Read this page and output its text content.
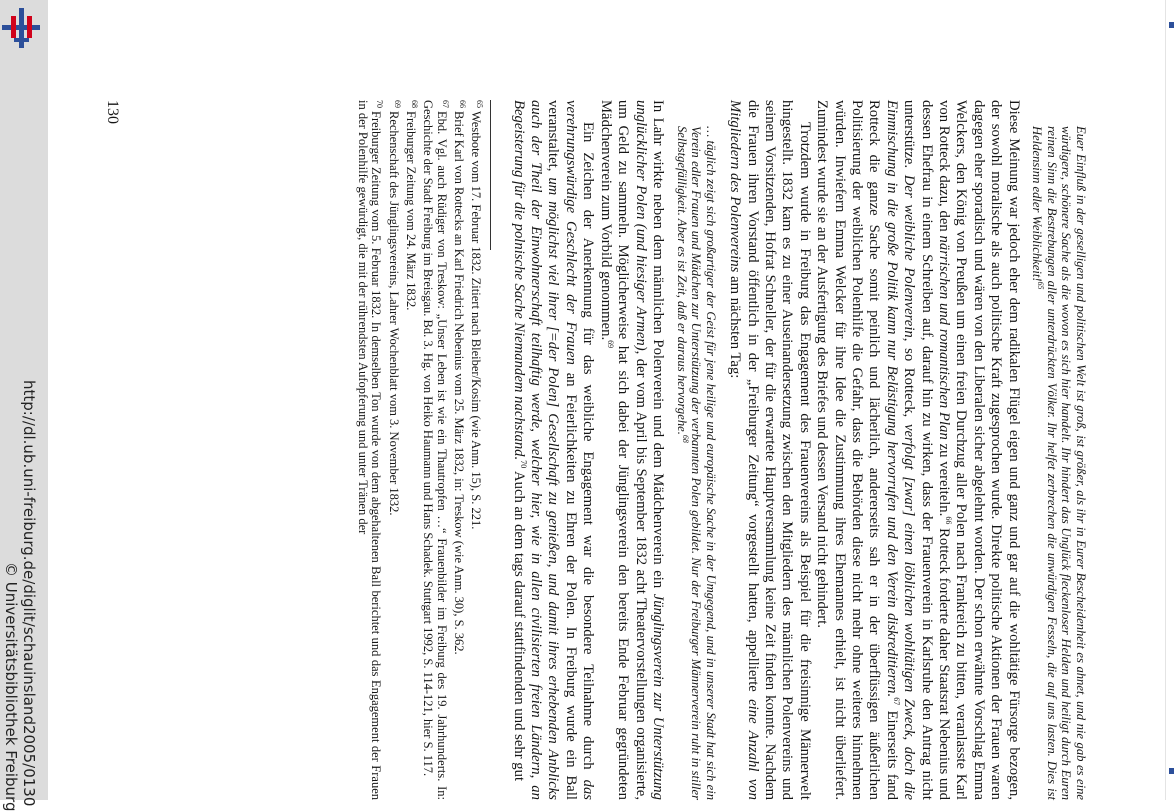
http://dl.ub.uni-freiburg.de/diglit/schauinsland2005/0130
© Universitätsbibliothek Freiburg	Euer Einfluß in der geselligen und politischen Welt ist groß, ist größer, als ihr in Eurer Bescheidenheit es ahnet, und nie gab es eine würdigere, schönere Sache als die wovon es sich hier handelt. Ihr hindert das Unglück fleckenloser Helden und heiligt durch Euren reinen Sinn die Bestrebungen aller unterdrückten Völker. Ihr helfet zerbrechen die unwürdigen Fesseln, die auf uns lasten. Dies ist Heldensinn edler Weiblichkeit!$^{65}$

Diese Meinung war jedoch eher dem radikalen Flügel eigen und ganz und gar auf die wohltätige Fürsorge bezogen, der sowohl moralische als auch politische Kraft zugesprochen wurde. Direkte politische Aktionen der Frauen waren dagegen eher sporadisch und wären von den Liberalen sicher abgelehnt worden. Der schon erwähnte Vorschlag Emma Welckers, den König von Preußen um einen freien Durchzug aller Polen nach Frankreich zu bitten, veranlasste Karl von Rotteck dazu, den närrischen und romantischen Plan zu vereiteln.$^{66}$ Rotteck forderte daher Staatsrat Nebenius und dessen Ehefrau in einem Schreiben auf, darauf hin zu wirken, dass der Frauenverein in Karlsruhe den Antrag nicht unterstütze. Der weibliche Polenverein, so Rotteck, verfolgt [zwar] einen löblichen wohltätigen Zweck, doch die Einmischung in die große Politik kann nur Belästigung hervorrufen und den Verein diskreditieren.$^{67}$ Einerseits fand Rotteck die ganze Sache somit peinlich und lächerlich, andererseits sah er in der überflüssigen äußerlichen Politisierung der weiblichen Polenhilfe die Gefahr, dass die Behörden diese nicht mehr ohne weiteres hinnehmen würden. Inwiefern Emma Welcker für ihre Idee die Zustimmung ihres Ehemannes erhielt, ist nicht überliefert. Zumindest wurde sie an der Ausfertigung des Briefes und dessen Versand nicht gehindert.

Trotzdem wurde in Freiburg das Engagement des Frauenvereins als Beispiel für die freisinnige Männerwelt hingestellt. 1832 kam es zu einer Auseinandersetzung zwischen den Mitgliedern des männlichen Polenvereins und seinem Vorsitzenden, Hofrat Schneller, der für die erwartete Hauptversammlung keine Zeit finden konnte. Nachdem die Frauen ihren Vorstand öffentlich in der „Freiburger Zeitung“ vorgestellt hatten, appellierte eine Anzahl von Mitgliedern des Polenvereins am nächsten Tag:

… täglich zeigt sich großartiger der Geist für jene heilige und europäische Sache in der Umgegend, und in unserer Stadt hat sich ein Verein edler Frauen und Mädchen zur Unterstützung der verbannten Polen gebildet. Nur der Freiburger Männerverein ruht in stiller Selbstgefälligkeit. Aber es ist Zeit, daß er daraus hervorgehe.$^{68}$

In Lahr wirkte neben dem männlichen Polenverein und dem Mädchenverein ein Jünglingsverein zur Unterstützung unglücklicher Polen (und hiesiger Armen), der vom April bis September 1832 acht Theatervorstellungen organisierte, um Geld zu sammeln. Möglicherweise hat sich dabei der Jünglingsverein den bereits Ende Februar gegründeten Mädchenverein zum Vorbild genommen.$^{69}$

Ein Zeichen der Anerkennung für das weibliche Engagement war die besondere Teilnahme durch das verehrungswürdige Geschlecht der Frauen an Feierlichkeiten zu Ehren der Polen. In Freiburg wurde ein Ball veranstaltet, um möglichst viel ihrer [=der Polen] Gesellschaft zu genießen, und damit ihres erhebenden Anblicks auch der Theil der Einwohnerschaft teilhaftig werde, welcher hier, wie in allen civilisierten freien Ländern, an Begeisterung für die polnische Sache Niemandem nachstand.$^{70}$ Auch an dem tags darauf stattfindenden und sehr gut

$^{65}$Westbote vom 17. Februar 1832. Zitiert nach Bleiber/Kosim (wie Anm. 15), S. 221.

$^{66}$Brief Karl von Rottecks an Karl Friedrich Nebenius vom 25. März 1832, in: Treskow (wie Anm. 30), S. 362.

$^{67}$Ebd. Vgl. auch Rüdiger von Treskow: „Unser Leben ist wie ein Thautropfen …“ Frauenbilder im Freiburg des 19. Jahrhunderts. In: Geschichte der Stadt Freiburg im Breisgau. Bd. 3. Hg. von Heiko Haumann und Hans Schadek. Stuttgart 1992, S. 114-121, hier S. 117.

$^{68}$Freiburger Zeitung vom 24. März 1832.

$^{69}$Rechenschaft des Jünglingsvereins, Lahrer Wochenblatt vom 3. November 1832.

$^{70}$Freiburger Zeitung vom 5. Februar 1832. In demselben Ton wurde von dem abgehaltenen Ball berichtet und das Engagement der Frauen in der Polenhilfe gewürdigt, die mit der rührendsten Aufopferung und unter Tränen der

130
